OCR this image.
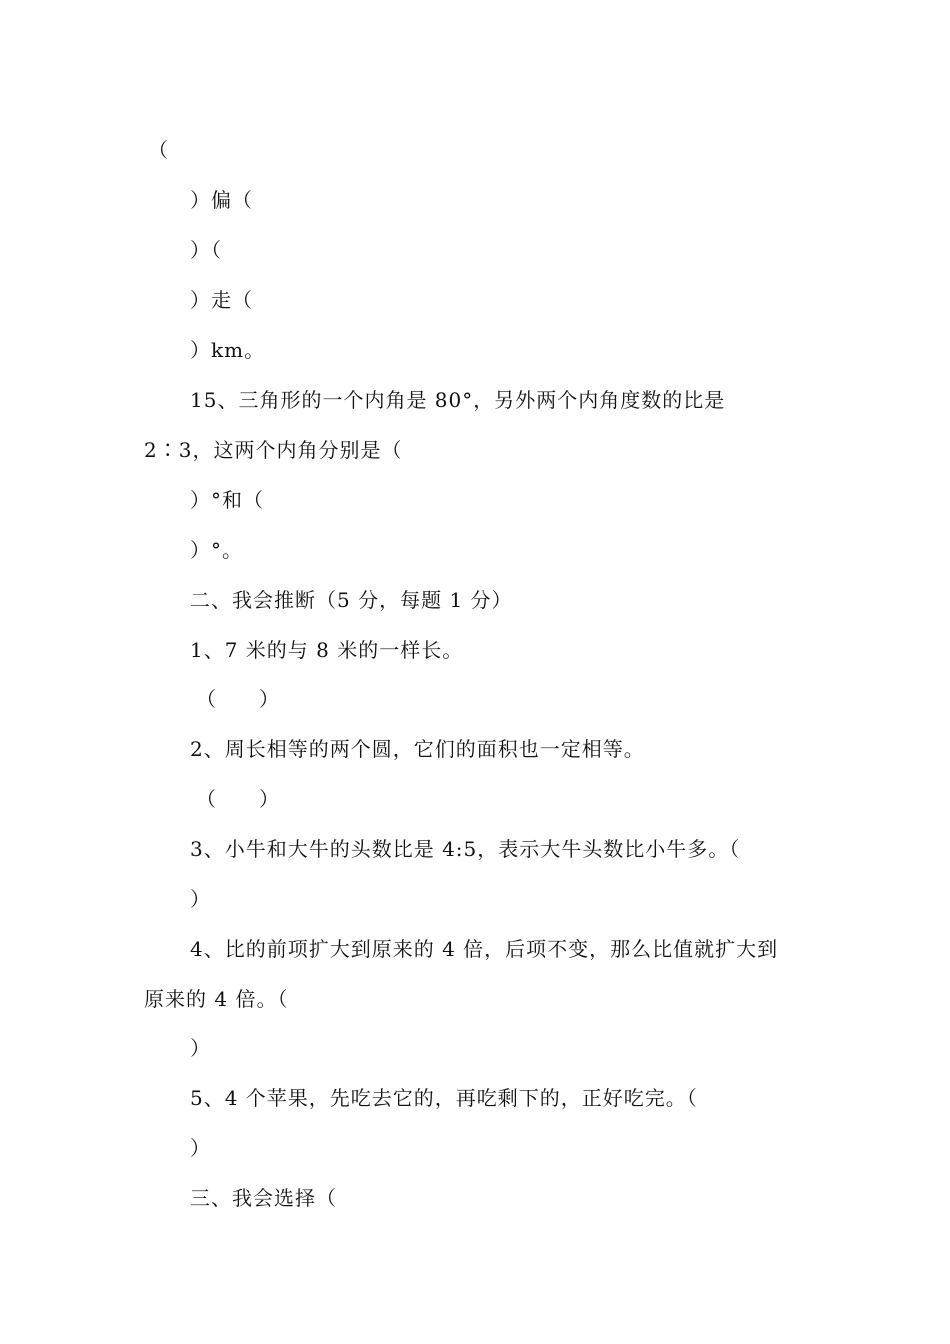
（
）偏（
）（
）走（
）km。
15、三角形的一个内角是 80°，另外两个内角度数的比是
2∶3，这两个内角分别是（
）°和（
）°。
二、我会推断（5 分，每题 1 分）
1、7 米的与 8 米的一样长。
（　　）
2、周长相等的两个圆，它们的面积也一定相等。
（　　）
3、小牛和大牛的头数比是 4:5，表示大牛头数比小牛多。（
）
4、比的前项扩大到原来的 4 倍，后项不变，那么比值就扩大到
原来的 4 倍。（
）
5、4 个苹果，先吃去它的，再吃剩下的，正好吃完。（
）
三、我会选择（
